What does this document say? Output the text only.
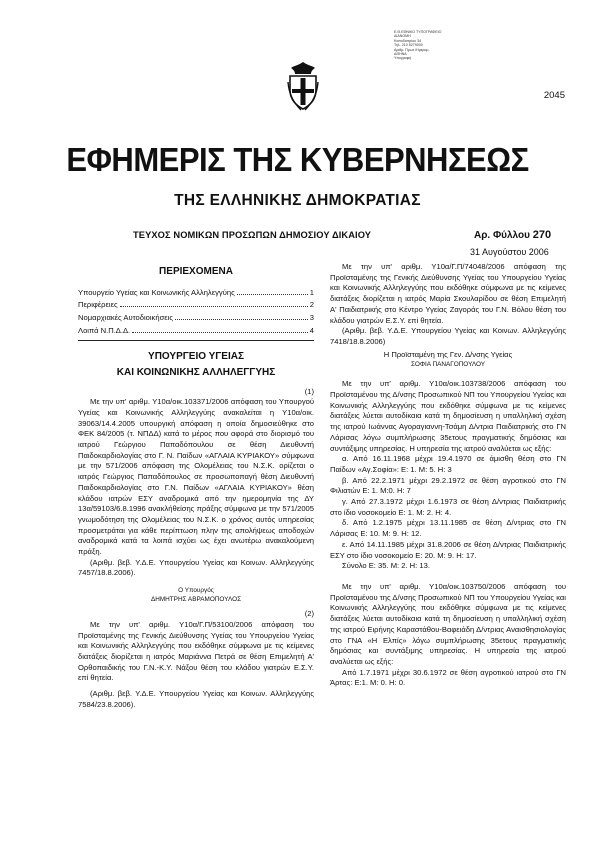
Ε.Θ.ΕΘΝΙΚΟ ΤΥΠΟΓΡΑΦΕΙΟ
ΔΙΑΝΟΜΗ
Καποδιστρίου 34
Τηλ. 210 5279000
Αριθμ. Πρωτ./Ημερομ.
ΑΘΗΝΑ
Υπογραφή
2045
ΕΦΗΜΕΡΙΣ ΤΗΣ ΚΥΒΕΡΝΗΣΕΩΣ
ΤΗΣ ΕΛΛΗΝΙΚΗΣ ΔΗΜΟΚΡΑΤΙΑΣ
ΤΕΥΧΟΣ ΝΟΜΙΚΩΝ ΠΡΟΣΩΠΩΝ ΔΗΜΟΣΙΟΥ ΔΙΚΑΙΟΥ	Αρ. Φύλλου 270
31 Αυγούστου 2006
ΠΕΡΙΕΧΟΜΕΝΑ
Υπουργείο Υγείας και Κοινωνικής Αλληλεγγύης	1
Περιφέρειες	2
Νομαρχιακές Αυτοδιοικήσεις	3
Λοιπά Ν.Π.Δ.Δ.	4
ΥΠΟΥΡΓΕΙΟ ΥΓΕΙΑΣ
ΚΑΙ ΚΟΙΝΩΝΙΚΗΣ ΑΛΛΗΛΕΓΓΥΗΣ

(1)

Με την υπ' αριθμ. Υ10α/οικ.103371/2006 απόφαση του Υπουργού Υγείας και Κοινωνικής Αλληλεγγύης ανακαλείται η Υ10α/οικ. 39063/14.4.2005 υπουργική απόφαση η οποία δημοσιεύθηκε στο ΦΕΚ 84/2005 (τ. ΝΠΔΔ) κατά το μέρος που αφορά στο διορισμό του ιατρού Γεώργιου Παπαδόπουλου σε θέση Διευθυντή Παιδοκαρδιολογίας στο Γ. Ν. Παίδων «ΑΓΛΑΙΑ ΚΥΡΙΑΚΟΥ» σύμφωνα με την 571/2006 απόφαση της Ολομέλειας του Ν.Σ.Κ. ορίζεται ο ιατρός Γεώργιος Παπαδόπουλος σε προσωποπαγή θέση Διευθυντή Παιδοκαρδιολογίας στο Γ.Ν. Παίδων «ΑΓΛΑΙΑ ΚΥΡΙΑΚΟΥ» θέση κλάδου ιατρών ΕΣΥ αναδρομικά από την ημερομηνία της ΔΥ 13α/59103/6.8.1996 ανακλήθείσης πράξης σύμφωνα με την 571/2005 γνωμοδότηση της Ολομέλειας του Ν.Σ.Κ. ο χρόνος αυτός υπηρεσίας προσμετράται για κάθε περίπτωση πλην της απολήψεως αποδοχών αναδρομικά κατά τα λοιπά ισχύει ως έχει ανωτέρω ανακαλούμενη πράξη.

(Αριθμ. βεβ. Υ.Δ.Ε. Υπουργείου Υγείας και Κοινων. Αλληλεγγύης 7457/18.8.2006).

Ο Υπουργός

ΔΗΜΗΤΡΗΣ ΑΒΡΑΜΟΠΟΥΛΟΣ

(2)

Με την υπ' αριθμ. Υ10α/Γ.Π/53100/2006 απόφαση του Προϊσταμένης της Γενικής Διεύθυνσης Υγείας του Υπουργείου Υγείας και Κοινωνικής Αλληλεγγύης που εκδόθηκε σύμφωνα με τις κείμενες διατάξεις διορίζεται η ιατρός Μαριάννα Πετρά σε θέση Επιμελητή Α' Ορθοπαιδικής του Γ.Ν.-Κ.Υ. Νάξου θέση του κλάδου γιατρών Ε.Σ.Υ. επί θητεία.

(Αριθμ. βεβ. Υ.Δ.Ε. Υπουργείου Υγείας και Κοινων. Αλληλεγγύης 7584/23.8.2006).

Με την υπ' αριθμ. Υ10α/Γ.Π/74048/2006 απόφαση της Προϊσταμένης της Γενικής Διεύθυνσης Υγείας του Υπουργείου Υγείας και Κοινωνικής Αλληλεγγύης που εκδόθηκε σύμφωνα με τις κείμενες διατάξεις διορίζεται η ιατρός Μαρία Σκουλαρίδου σε θέση Επιμελητή Α' Παιδιατρικής στο Κέντρο Υγείας Ζαγοράς του Γ.Ν. Βόλου θέση του κλάδου γιατρών Ε.Σ.Υ. επί θητεία.

(Αριθμ. βεβ. Υ.Δ.Ε. Υπουργείου Υγείας και Κοινων. Αλληλεγγύης 7418/18.8.2006)

Η Προϊσταμένη της Γεν. Δ/νσης Υγείας

ΣΟΦΙΑ ΠΑΝΑΓΟΠΟΥΛΟΥ

Με την υπ' αριθμ. Υ10α/οικ.103738/2006 απόφαση του Προϊσταμένου της Δ/νσης Προσωπικού ΝΠ του Υπουργείου Υγείας και Κοινωνικής Αλληλεγγύης που εκδόθηκε σύμφωνα με τις κείμενες διατάξεις λύεται αυτοδίκαια κατά τη δημοσίευση η υπαλληλική σχέση της ιατρού Ιωάννας Αγοραγιαννη-Τσάμη Δ/ντρια Παιδιατρικής στο ΓΝ Λάρισας λόγω συμπλήρωσης 35ετους πραγματικής δημόσιας και συντάξιμης υπηρεσίας. Η υπηρεσία της ιατρού αναλύεται ως εξής:

α. Από 16.11.1968 μέχρι 19.4.1970 σε άμισθη θέση στο ΓΝ Παίδων «Αγ.Σοφία»: Ε: 1. Μ: 5. Η: 3

β. Από 22.2.1971 μέχρι 29.2.1972 σε θέση αγροτικού στο ΓΝ Φιλιατών Ε: 1. Μ:0. Η: 7

γ. Από 27.3.1972 μέχρι 1.6.1973 σε θέση Δ/ντριας Παιδιατρικής στο ίδιο νοσοκομείο Ε: 1. Μ: 2. Η: 4.

δ. Από 1.2.1975 μέχρι 13.11.1985 σε θέση Δ/ντριας στο ΓΝ Λάρισας Ε: 10. Μ: 9. Η: 12.

ε. Από 14.11.1985 μέχρι 31.8.2006 σε θέση Δ/ντριας Παιδιατρικής ΕΣΥ στο ίδιο νοσοκομείο Ε: 20. Μ: 9. Η: 17.

Σύνολο Ε: 35. Μ: 2. Η: 13.

Με την υπ' αριθμ. Υ10α/οικ.103750/2006 απόφαση του Προϊσταμένου της Δ/νσης Προσωπικού ΝΠ του Υπουργείου Υγείας και Κοινωνικής Αλληλεγγύης που εκδόθηκε σύμφωνα με τις κείμενες διατάξεις λύεται αυτοδίκαια κατά τη δημοσίευση η υπαλληλική σχέση της ιατρού Ειρήνης Καραστάθου-Βαφειάδη Δ/ντριας Αναισθησιολογίας στο ΓΝΑ «Η Ελπίς» λόγω συμπλήρωσης 35ετους πραγματικής δημόσιας και συντάξιμης υπηρεσίας. Η υπηρεσία της ιατρού αναλύεται ως εξής:

Από 1.7.1971 μέχρι 30.6.1972 σε θέση αγροτικού ιατρού στο ΓΝ Άρτας: Ε:1. Μ: 0. Η: 0.
